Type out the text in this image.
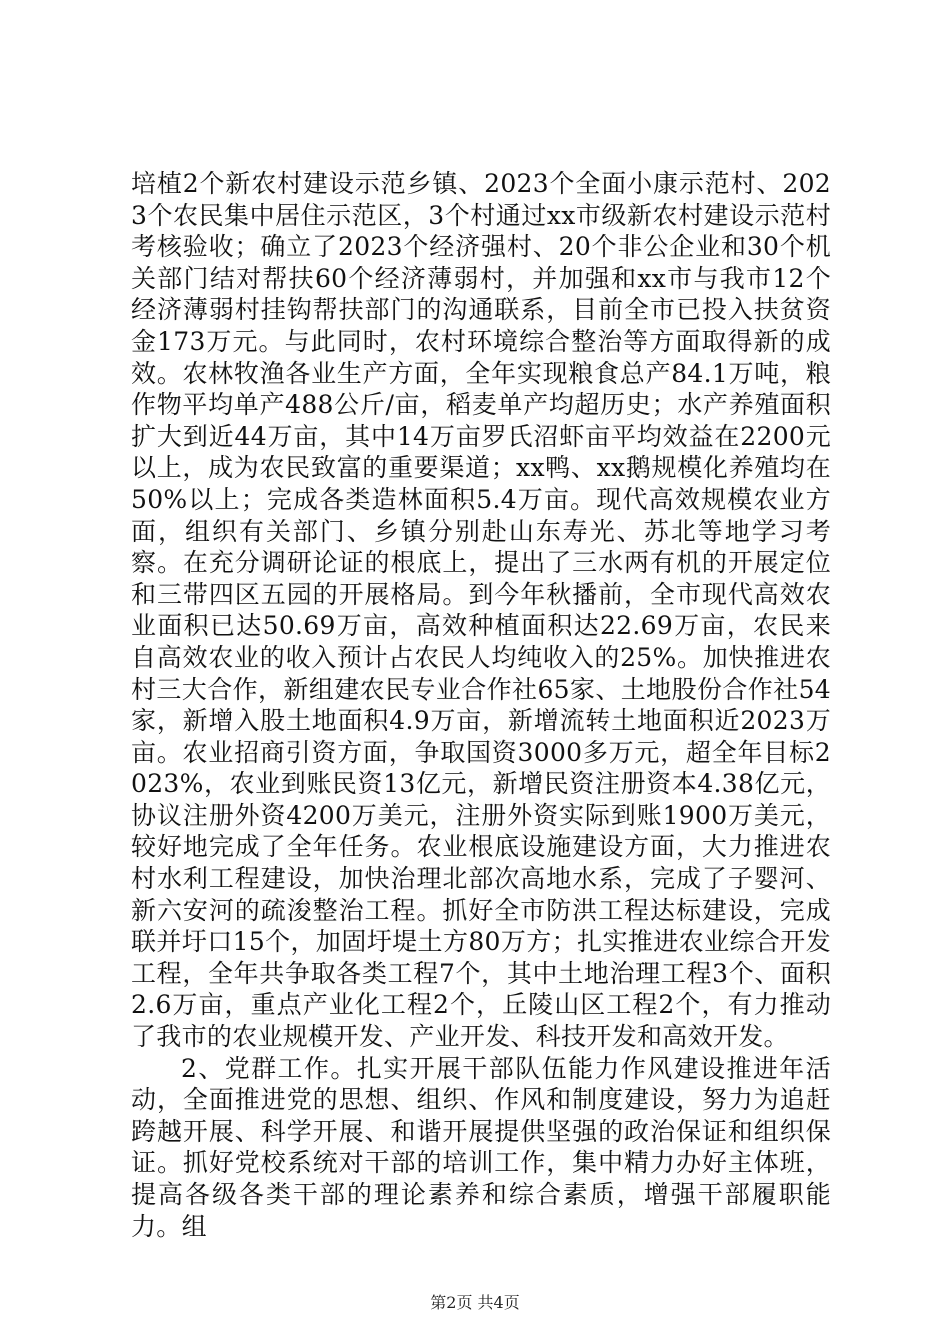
培植2个新农村建设示范乡镇、2023个全面小康示范村、2023个农民集中居住示范区，3个村通过xx市级新农村建设示范村考核验收；确立了2023个经济强村、20个非公企业和30个机关部门结对帮扶60个经济薄弱村，并加强和xx市与我市12个经济薄弱村挂钩帮扶部门的沟通联系，目前全市已投入扶贫资金173万元。与此同时，农村环境综合整治等方面取得新的成效。农林牧渔各业生产方面，全年实现粮食总产84.1万吨，粮作物平均单产488公斤/亩，稻麦单产均超历史；水产养殖面积扩大到近44万亩，其中14万亩罗氏沼虾亩平均效益在2200元以上，成为农民致富的重要渠道；xx鸭、xx鹅规模化养殖均在50%以上；完成各类造林面积5.4万亩。现代高效规模农业方面，组织有关部门、乡镇分别赴山东寿光、苏北等地学习考察。在充分调研论证的根底上，提出了三水两有机的开展定位和三带四区五园的开展格局。到今年秋播前，全市现代高效农业面积已达50.69万亩，高效种植面积达22.69万亩，农民来自高效农业的收入预计占农民人均纯收入的25%。加快推进农村三大合作，新组建农民专业合作社65家、土地股份合作社54家，新增入股土地面积4.9万亩，新增流转土地面积近2023万亩。农业招商引资方面，争取国资3000多万元，超全年目标2023%，农业到账民资13亿元，新增民资注册资本4.38亿元，协议注册外资4200万美元，注册外资实际到账1900万美元，较好地完成了全年任务。农业根底设施建设方面，大力推进农村水利工程建设，加快治理北部次高地水系，完成了子婴河、新六安河的疏浚整治工程。抓好全市防洪工程达标建设，完成联并圩口15个，加固圩堤土方80万方；扎实推进农业综合开发工程，全年共争取各类工程7个，其中土地治理工程3个、面积2.6万亩，重点产业化工程2个，丘陵山区工程2个，有力推动了我市的农业规模开发、产业开发、科技开发和高效开发。

2、党群工作。扎实开展干部队伍能力作风建设推进年活动，全面推进党的思想、组织、作风和制度建设，努力为追赶跨越开展、科学开展、和谐开展提供坚强的政治保证和组织保证。抓好党校系统对干部的培训工作，集中精力办好主体班，提高各级各类干部的理论素养和综合素质，增强干部履职能力。组

第2页 共4页
